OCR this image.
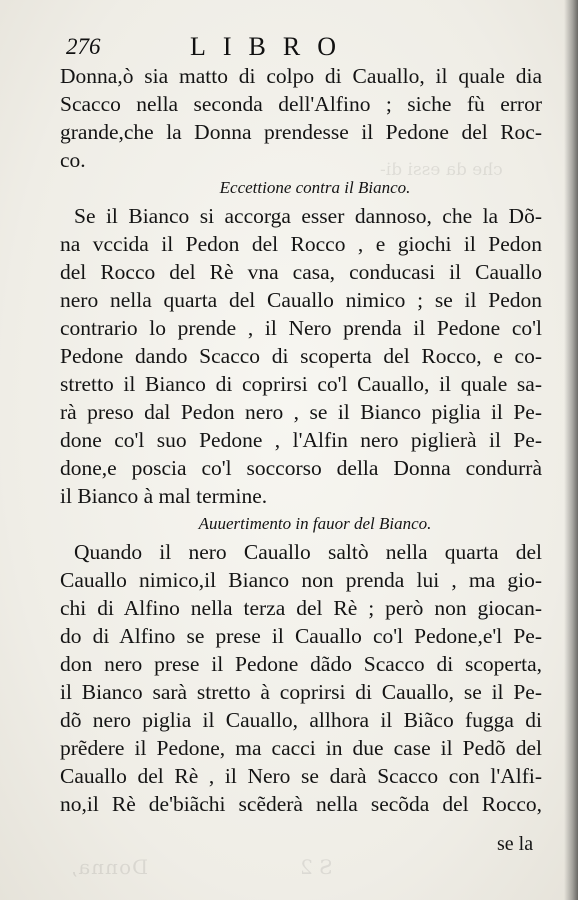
Donna,	S 2
che da essi di-
276	LIBRO
Donna,ò sia matto di colpo di Cauallo, il quale dia
Scacco nella seconda dell'Alfino ; siche fù error
grande,che la Donna prendesse il Pedone del Roc-
co.
Eccettione contra il Bianco.
Se il Bianco si accorga esser dannoso, che la Dõ-
na vccida il Pedon del Rocco , e giochi il Pedon
del Rocco del Rè vna casa, conducasi il Cauallo
nero nella quarta del Cauallo nimico ; se il Pedon
contrario lo prende , il Nero prenda il Pedone co'l
Pedone dando Scacco di scoperta del Rocco, e co-
stretto il Bianco di coprirsi co'l Cauallo, il quale sa-
rà preso dal Pedon nero , se il Bianco piglia il Pe-
done co'l suo Pedone , l'Alfin nero piglierà il Pe-
done,e poscia co'l soccorso della Donna condurrà
il Bianco à mal termine.
Auuertimento in fauor del Bianco.
Quando il nero Cauallo saltò nella quarta del
Cauallo nimico,il Bianco non prenda lui , ma gio-
chi di Alfino nella terza del Rè ; però non giocan-
do di Alfino se prese il Cauallo co'l Pedone,e'l Pe-
don nero prese il Pedone dãdo Scacco di scoperta,
il Bianco sarà stretto à coprirsi di Cauallo, se il Pe-
dõ nero piglia il Cauallo, allhora il Biãco fugga di
prẽdere il Pedone, ma cacci in due case il Pedõ del
Cauallo del Rè , il Nero se darà Scacco con l'Alfi-
no,il Rè de'biãchi scẽderà nella secõda del Rocco,
se la
